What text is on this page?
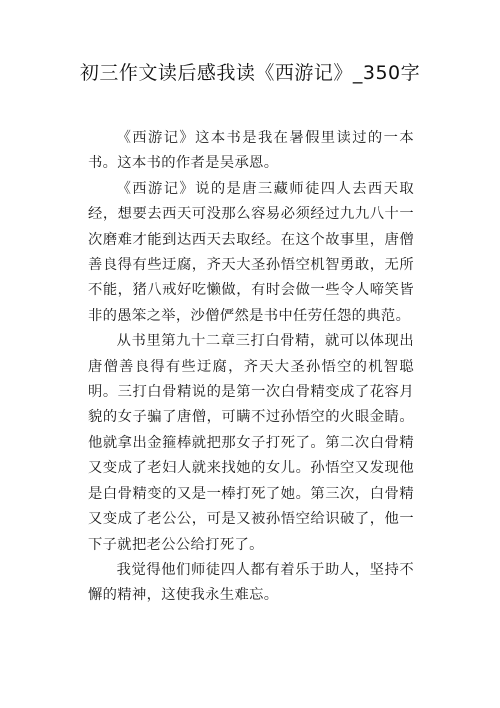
初三作文读后感我读《西游记》_350字

《西游记》这本书是我在暑假里读过的一本书。这本书的作者是吴承恩。

《西游记》说的是唐三藏师徒四人去西天取经，想要去西天可没那么容易必须经过九九八十一次磨难才能到达西天去取经。在这个故事里，唐僧善良得有些迂腐，齐天大圣孙悟空机智勇敢，无所不能，猪八戒好吃懒做，有时会做一些令人啼笑皆非的愚笨之举，沙僧俨然是书中任劳任怨的典范。

从书里第九十二章三打白骨精，就可以体现出唐僧善良得有些迂腐，齐天大圣孙悟空的机智聪明。三打白骨精说的是第一次白骨精变成了花容月貌的女子骗了唐僧，可瞒不过孙悟空的火眼金睛。他就拿出金箍棒就把那女子打死了。第二次白骨精又变成了老妇人就来找她的女儿。孙悟空又发现他是白骨精变的又是一棒打死了她。第三次，白骨精又变成了老公公，可是又被孙悟空给识破了，他一下子就把老公公给打死了。

我觉得他们师徒四人都有着乐于助人，坚持不懈的精神，这使我永生难忘。
